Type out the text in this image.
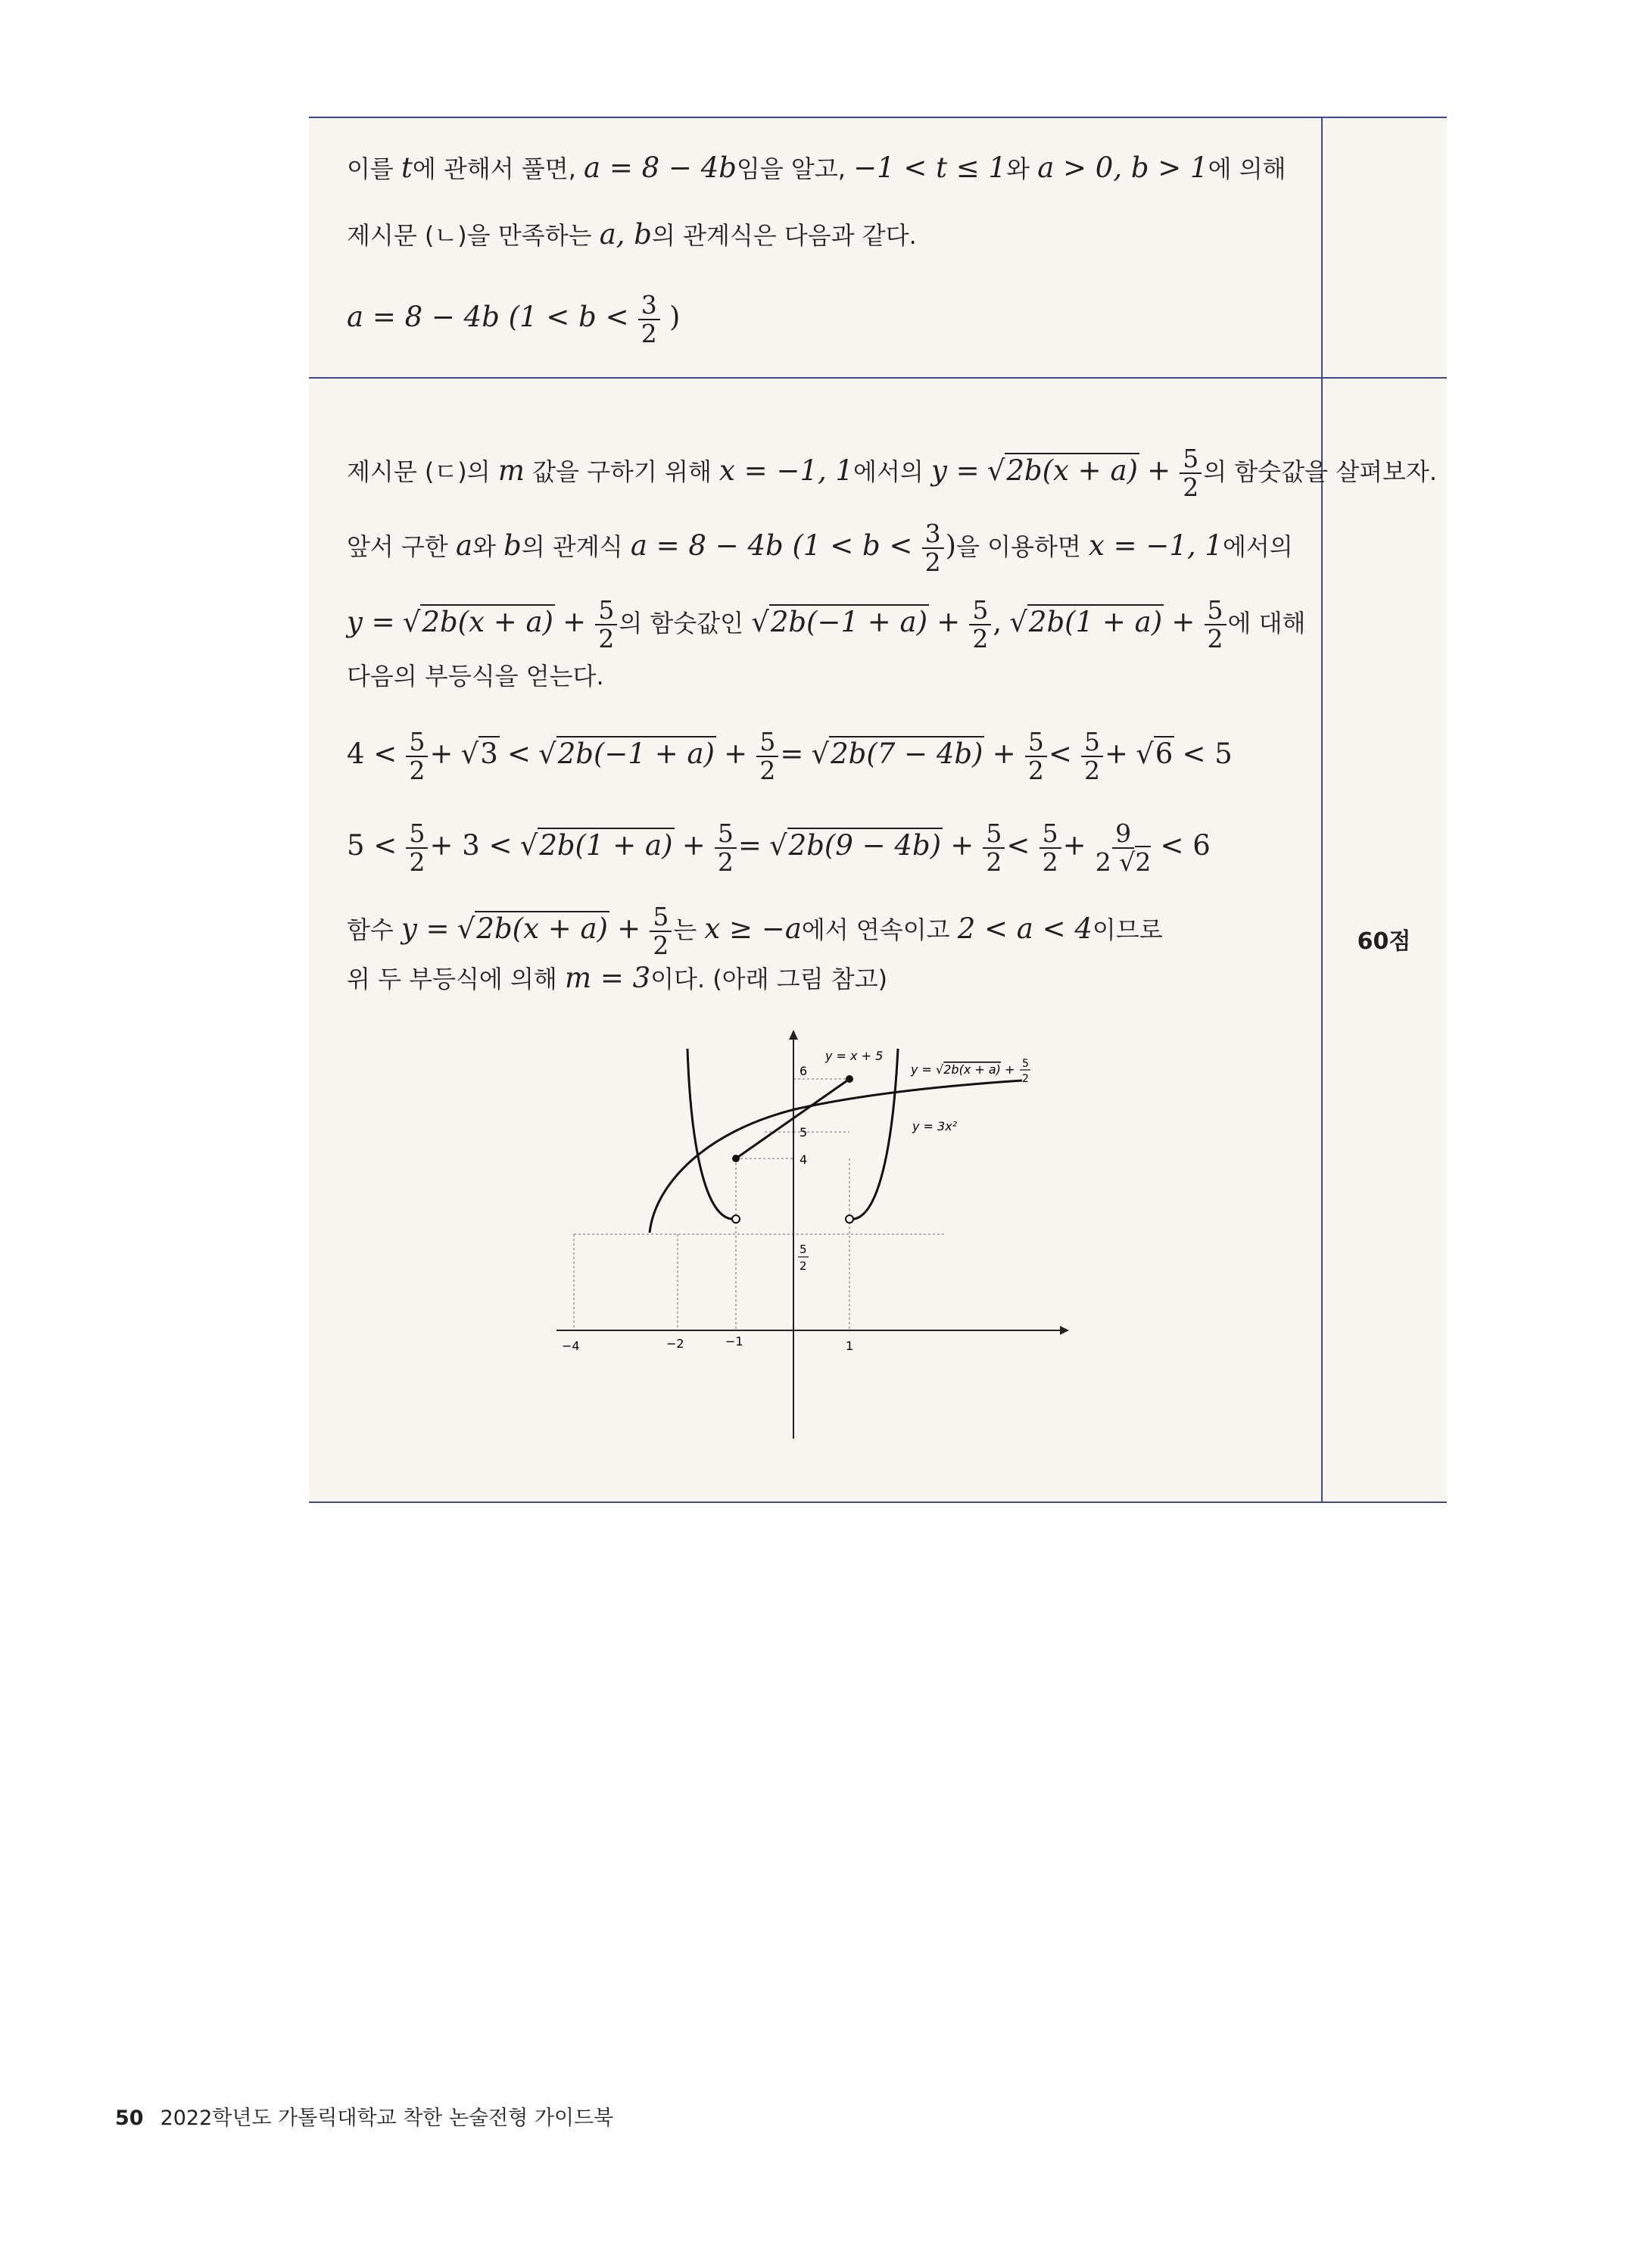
이를 t에 관해서 풀면, a = 8 − 4b임을 알고, −1 < t ≤ 1와 a > 0, b > 1에 의해
제시문 (ㄴ)을 만족하는 a, b의 관계식은 다음과 같다.
a = 8 − 4b ($1 < b < \frac{3}{2}$ )
제시문 (ㄷ)의 m 값을 구하기 위해 x = −1, 1에서의 $y = √2b(x + a) + \frac{5}{2}$ 의 함숫값을 살펴보자.
앞서 구한 a와 b의 관계식 a = 8 − 4b ($1 < b < \frac{3}{2}$ )을 이용하면 x = −1, 1에서의
$y = √2b(x + a) + \frac{5}{2}$ 의 함숫값인 $√2b(-1 + a) + \frac{5}{2}$ , $√2b(1 + a) + \frac{5}{2}$ 에 대해
다음의 부등식을 얻는다.
$4 < \frac{5}{2} + √3 < √2b(-1 + a) + \frac{5}{2} = √2b(7 - 4b) + \frac{5}{2} < \frac{5}{2} + √6 < 5$
$5 < \frac{5}{2} + 3 < √2b(1 + a) + \frac{5}{2} = √2b(9 - 4b) + \frac{5}{2} < \frac{5}{2} + \frac{9}{2 √2} < 6$
함수 $y = √2b(x + a) + \frac{5}{2}$ 는 x ≥ −a에서 연속이고 2 < a < 4이므로
위 두 부등식에 의해 m = 3이다. (아래 그림 참고)
60점
y = x + 5
y = √2b(x + a) + 5
2
y = 3x²
−4	−2	−1	1
6
5
4
5
2
50 2022학년도 가톨릭대학교 착한 논술전형 가이드북
